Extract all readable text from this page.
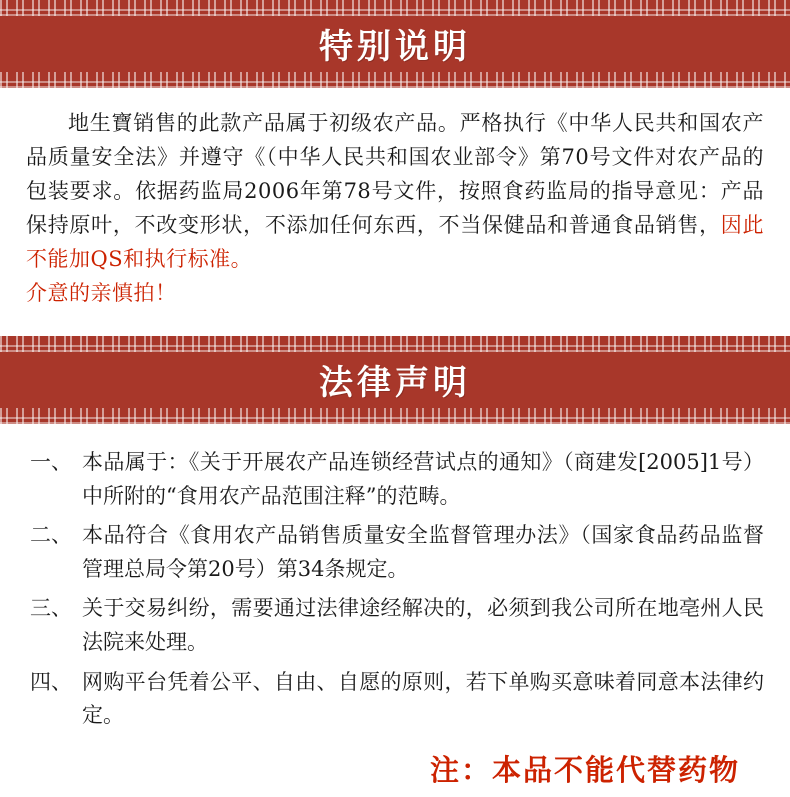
特别说明

地生寶销售的此款产品属于初级农产品。严格执行《中华人民共和国农产品质量安全法》并遵守《（中华人民共和国农业部令》第70号文件对农产品的包装要求。依据药监局2006年第78号文件，按照食药监局的指导意见：产品保持原叶，不改变形状，不添加任何东西，不当保健品和普通食品销售，因此不能加QS和执行标准。

介意的亲慎拍！

法律声明
一、 本品属于：《关于开展农产品连锁经营试点的通知》（商建发[2005]1号）中所附的“食用农产品范围注释”的范畴。
二、 本品符合《食用农产品销售质量安全监督管理办法》（国家食品药品监督管理总局令第20号）第34条规定。
三、 关于交易纠纷，需要通过法律途经解决的，必须到我公司所在地亳州人民法院来处理。
四、 网购平台凭着公平、自由、自愿的原则，若下单购买意味着同意本法律约定。
注：本品不能代替药物
